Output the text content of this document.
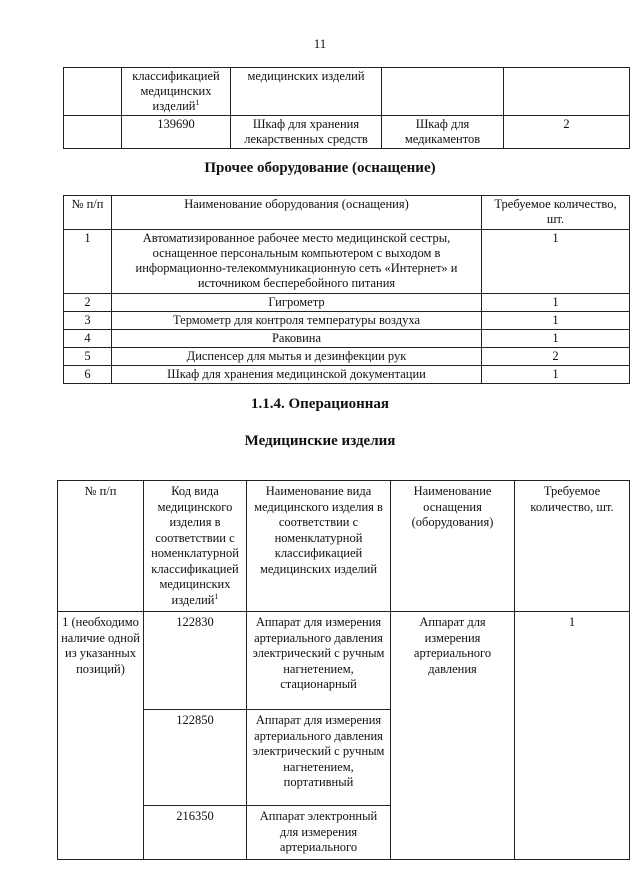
11
	классификацией медицинских изделий$^1$	медицинских изделий		
	139690	Шкаф для хранения лекарственных средств	Шкаф для медикаментов	2
Прочее оборудование (оснащение)
№ п/п	Наименование оборудования (оснащения)	Требуемое количество, шт.
1	Автоматизированное рабочее место медицинской сестры, оснащенное персональным компьютером с выходом в информационно-телекоммуникационную сеть «Интернет» и источником бесперебойного питания	1
2	Гигрометр	1
3	Термометр для контроля температуры воздуха	1
4	Раковина	1
5	Диспенсер для мытья и дезинфекции рук	2
6	Шкаф для хранения медицинской документации	1
1.1.4. Операционная
Медицинские изделия
№ п/п	Код вида медицинского изделия в соответствии с номенклатурной классификацией медицинских изделий$^1$	Наименование вида медицинского изделия в соответствии с номенклатурной классификацией медицинских изделий	Наименование оснащения (оборудования)	Требуемое количество, шт.
1 (необходимо наличие одной из указанных позиций)	122830	Аппарат для измерения артериального давления электрический с ручным нагнетением, стационарный	Аппарат для измерения артериального давления	1
	122850	Аппарат для измерения артериального давления электрический с ручным нагнетением, портативный		
	216350	Аппарат электронный для измерения артериального		
